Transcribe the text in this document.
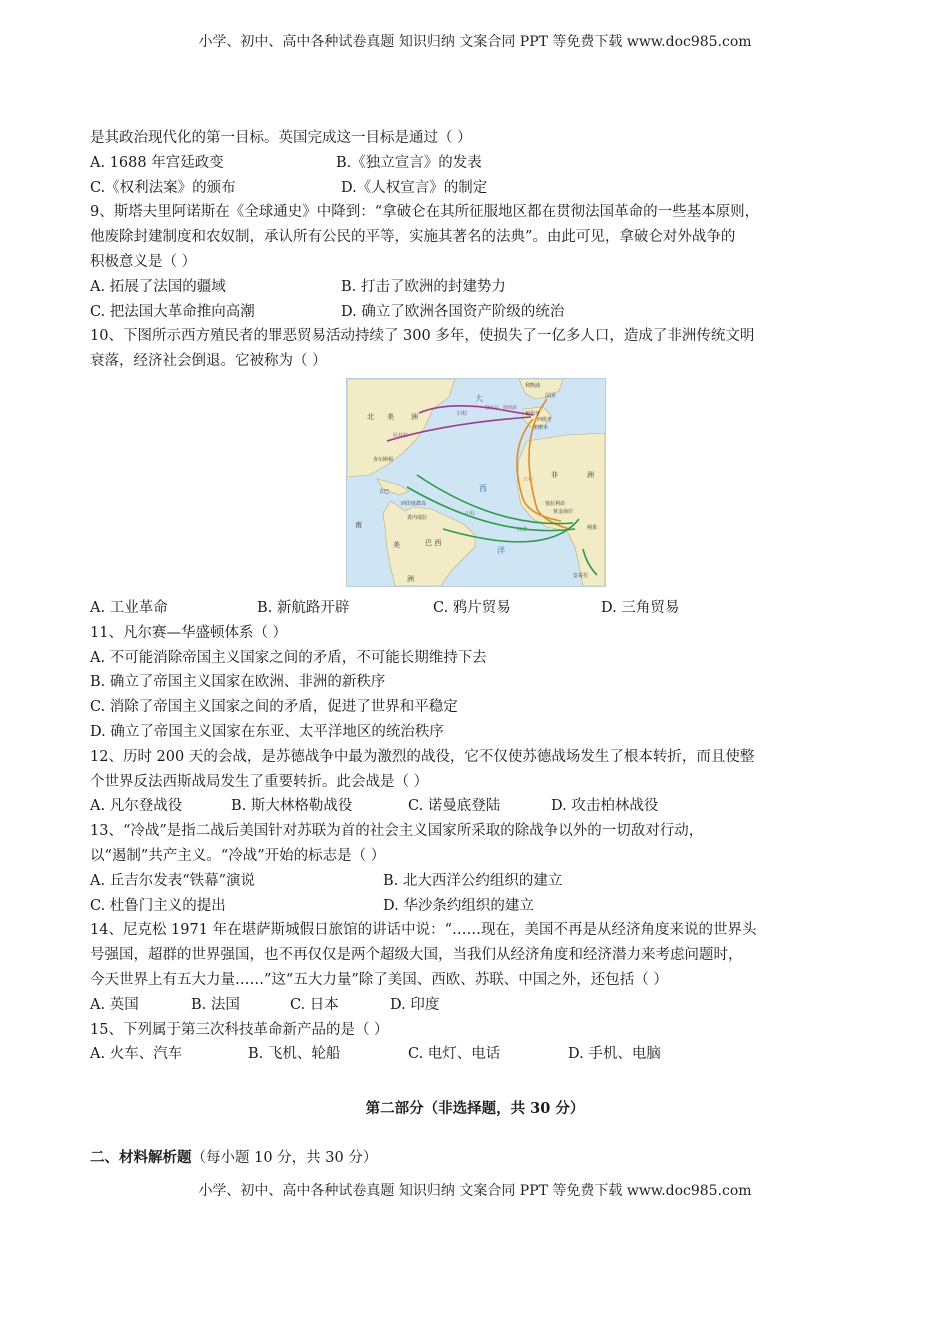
小学、初中、高中各种试卷真题 知识归纳 文案合同 PPT 等免费下载 www.doc985.com
是其政治现代化的第一目标。英国完成这一目标是通过（ ）
A. 1688 年宫廷政变	B.《独立宣言》的发表
C.《权利法案》的颁布	D.《人权宣言》的制定
9、斯塔夫里阿诺斯在《全球通史》中降到：“拿破仑在其所征服地区都在贯彻法国革命的一些基本原则，
他废除封建制度和农奴制，承认所有公民的平等，实施其著名的法典”。由此可见，拿破仑对外战争的
积极意义是（ ）
A. 拓展了法国的疆域	B. 打击了欧洲的封建势力
C. 把法国大革命推向高潮	D. 确立了欧洲各国资产阶级的统治
10、下图所示西方殖民者的罪恶贸易活动持续了 300 多年，使损失了一亿多人口，造成了非洲传统文明
衰落，经济社会倒退。它被称为（ ）
北 美 洲
大
西
洋
南
美
洲
巴 西
非	洲
查尔斯顿
古巴
西印度群岛
委内瑞拉
利物浦
法国
葡萄牙
西班牙
里斯本
塞拉利昂
黄金海岸
安哥拉
刚果
原材料
归程
制成品、朗姆酒
中程
出程
奴隶
A. 工业革命	B. 新航路开辟	C. 鸦片贸易	D. 三角贸易
11、凡尔赛—华盛顿体系（ ）
A. 不可能消除帝国主义国家之间的矛盾，不可能长期维持下去
B. 确立了帝国主义国家在欧洲、非洲的新秩序
C. 消除了帝国主义国家之间的矛盾，促进了世界和平稳定
D. 确立了帝国主义国家在东亚、太平洋地区的统治秩序
12、历时 200 天的会战，是苏德战争中最为激烈的战役，它不仅使苏德战场发生了根本转折，而且使整
个世界反法西斯战局发生了重要转折。此会战是（ ）
A. 凡尔登战役	B. 斯大林格勒战役	C. 诺曼底登陆	D. 攻击柏林战役
13、“冷战”是指二战后美国针对苏联为首的社会主义国家所采取的除战争以外的一切敌对行动，
以“遏制”共产主义。“冷战”开始的标志是（ ）
A. 丘吉尔发表“铁幕”演说	B. 北大西洋公约组织的建立
C. 杜鲁门主义的提出	D. 华沙条约组织的建立
14、尼克松 1971 年在堪萨斯城假日旅馆的讲话中说：“……现在，美国不再是从经济角度来说的世界头
号强国，超群的世界强国，也不再仅仅是两个超级大国，当我们从经济角度和经济潜力来考虑问题时，
今天世界上有五大力量……”这“五大力量”除了美国、西欧、苏联、中国之外，还包括（ ）
A. 英国	B. 法国	C. 日本	D. 印度
15、下列属于第三次科技革命新产品的是（ ）
A. 火车、汽车	B. 飞机、轮船	C. 电灯、电话	D. 手机、电脑
第二部分（非选择题，共 30 分）
二、材料解析题（每小题 10 分，共 30 分）
小学、初中、高中各种试卷真题 知识归纳 文案合同 PPT 等免费下载 www.doc985.com
